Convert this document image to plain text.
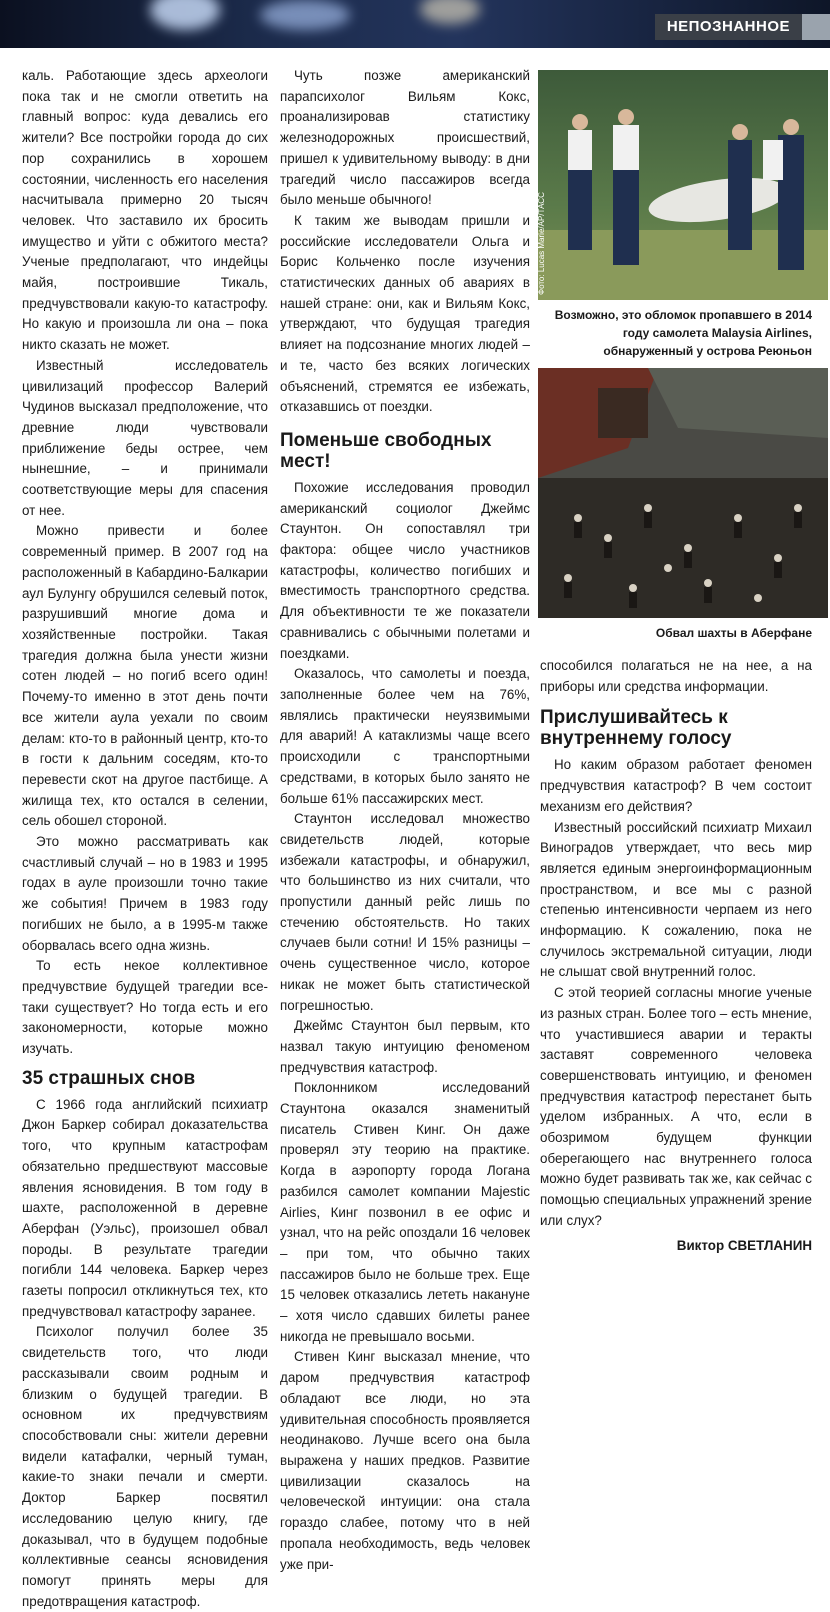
НЕПОЗНАННОЕ

каль. Работающие здесь археологи пока так и не смогли ответить на главный вопрос: куда девались его жители? Все постройки города до сих пор сохранились в хорошем состоянии, численность его населения насчитывала примерно 20 тысяч человек. Что заставило их бросить имущество и уйти с обжитого места? Ученые предполагают, что индейцы майя, построившие Тикаль, предчувствовали какую-то катастрофу. Но какую и произошла ли она – пока никто сказать не может.

Известный исследователь цивилизаций профессор Валерий Чудинов высказал предположение, что древние люди чувствовали приближение беды острее, чем нынешние, – и принимали соответствующие меры для спасения от нее.

Можно привести и более современный пример. В 2007 год на расположенный в Кабардино-Балкарии аул Булунгу обрушился селевый поток, разрушивший многие дома и хозяйственные постройки. Такая трагедия должна была унести жизни сотен людей – но погиб всего один! Почему-то именно в этот день почти все жители аула уехали по своим делам: кто-то в районный центр, кто-то в гости к дальним соседям, кто-то перевести скот на другое пастбище. А жилища тех, кто остался в селении, сель обошел стороной.

Это можно рассматривать как счастливый случай – но в 1983 и 1995 годах в ауле произошли точно такие же события! Причем в 1983 году погибших не было, а в 1995-м также оборвалась всего одна жизнь.

То есть некое коллективное предчувствие будущей трагедии все-таки существует? Но тогда есть и его закономерности, которые можно изучать.

35 страшных снов

С 1966 года английский психиатр Джон Баркер собирал доказательства того, что крупным катастрофам обязательно предшествуют массовые явления ясновидения. В том году в шахте, расположенной в деревне Аберфан (Уэльс), произошел обвал породы. В результате трагедии погибли 144 человека. Баркер через газеты попросил откликнуться тех, кто предчувствовал катастрофу заранее.

Психолог получил более 35 свидетельств того, что люди рассказывали своим родным и близким о будущей трагедии. В основном их предчувствиям способствовали сны: жители деревни видели катафалки, черный туман, какие-то знаки печали и смерти. Доктор Баркер посвятил исследованию целую книгу, где доказывал, что в будущем подобные коллективные сеансы ясновидения помогут принять меры для предотвращения катастроф.

Чуть позже американский парапсихолог Вильям Кокс, проанализировав статистику железнодорожных происшествий, пришел к удивительному выводу: в дни трагедий число пассажиров всегда было меньше обычного!

К таким же выводам пришли и российские исследователи Ольга и Борис Кольченко после изучения статистических данных об авариях в нашей стране: они, как и Вильям Кокс, утверждают, что будущая трагедия влияет на подсознание многих людей – и те, часто без всяких логических объяснений, стремятся ее избежать, отказавшись от поездки.

Поменьше свободных мест!

Похожие исследования проводил американский социолог Джеймс Стаунтон. Он сопоставлял три фактора: общее число участников катастрофы, количество погибших и вместимость транспортного средства. Для объективности те же показатели сравнивались с обычными полетами и поездками.

Оказалось, что самолеты и поезда, заполненные более чем на 76%, являлись практически неуязвимыми для аварий! А катаклизмы чаще всего происходили с транспортными средствами, в которых было занято не больше 61% пассажирских мест.

Стаунтон исследовал множество свидетельств людей, которые избежали катастрофы, и обнаружил, что большинство из них считали, что пропустили данный рейс лишь по стечению обстоятельств. Но таких случаев были сотни! И 15% разницы – очень существенное число, которое никак не может быть статистической погрешностью.

Джеймс Стаунтон был первым, кто назвал такую интуицию феноменом предчувствия катастроф.

Поклонником исследований Стаунтона оказался знаменитый писатель Стивен Кинг. Он даже проверял эту теорию на практике. Когда в аэропорту города Логана разбился самолет компании Majestic Airlies, Кинг позвонил в ее офис и узнал, что на рейс опоздали 16 человек – при том, что обычно таких пассажиров было не больше трех. Еще 15 человек отказались лететь накануне – хотя число сдавших билеты ранее никогда не превышало восьми.

Стивен Кинг высказал мнение, что даром предчувствия катастроф обладают все люди, но эта удивительная способность проявляется неодинаково. Лучше всего она была выражена у наших предков. Развитие цивилизации сказалось на человеческой интуиции: она стала гораздо слабее, потому что в ней пропала необходимость, ведь человек уже при-

Фото: Lucas Marie/AP/ТАСС
Возможно, это обломок пропавшего в 2014 году самолета Malaysia Airlines, обнаруженный у острова Реюньон
Обвал шахты в Аберфане

способился полагаться не на нее, а на приборы или средства информации.

Прислушивайтесь к внутреннему голосу

Но каким образом работает феномен предчувствия катастроф? В чем состоит механизм его действия?

Известный российский психиатр Михаил Виноградов утверждает, что весь мир является единым энергоинформационным пространством, и все мы с разной степенью интенсивности черпаем из него информацию. К сожалению, пока не случилось экстремальной ситуации, люди не слышат свой внутренний голос.

С этой теорией согласны многие ученые из разных стран. Более того – есть мнение, что участившиеся аварии и теракты заставят современного человека совершенствовать интуицию, и феномен предчувствия катастроф перестанет быть уделом избранных. А что, если в обозримом будущем функции оберегающего нас внутреннего голоса можно будет развивать так же, как сейчас с помощью специальных упражнений зрение или слух?

Виктор СВЕТЛАНИН
